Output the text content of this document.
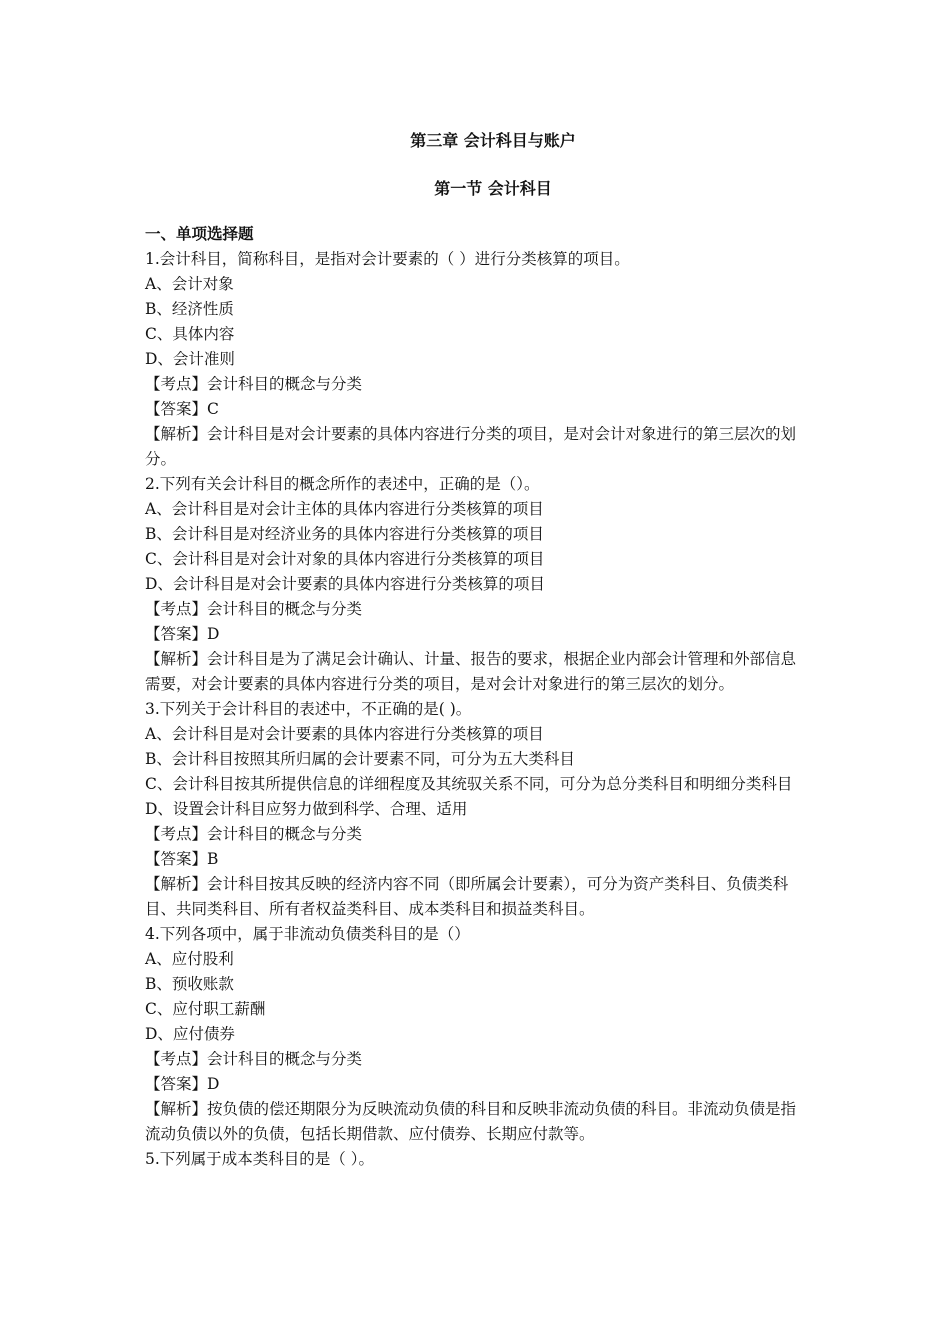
第三章 会计科目与账户
第一节 会计科目

一、单项选择题

1.会计科目，简称科目，是指对会计要素的（ ）进行分类核算的项目。

A、会计对象

B、经济性质

C、具体内容

D、会计准则

【考点】会计科目的概念与分类

【答案】C

【解析】会计科目是对会计要素的具体内容进行分类的项目，是对会计对象进行的第三层次的划分。

2.下列有关会计科目的概念所作的表述中，正确的是（）。

A、会计科目是对会计主体的具体内容进行分类核算的项目

B、会计科目是对经济业务的具体内容进行分类核算的项目

C、会计科目是对会计对象的具体内容进行分类核算的项目

D、会计科目是对会计要素的具体内容进行分类核算的项目

【考点】会计科目的概念与分类

【答案】D

【解析】会计科目是为了满足会计确认、计量、报告的要求，根据企业内部会计管理和外部信息需要，对会计要素的具体内容进行分类的项目，是对会计对象进行的第三层次的划分。

3.下列关于会计科目的表述中，不正确的是( )。

A、会计科目是对会计要素的具体内容进行分类核算的项目

B、会计科目按照其所归属的会计要素不同，可分为五大类科目

C、会计科目按其所提供信息的详细程度及其统驭关系不同，可分为总分类科目和明细分类科目

D、设置会计科目应努力做到科学、合理、适用

【考点】会计科目的概念与分类

【答案】B

【解析】会计科目按其反映的经济内容不同（即所属会计要素），可分为资产类科目、负债类科目、共同类科目、所有者权益类科目、成本类科目和损益类科目。

4.下列各项中，属于非流动负债类科目的是（）

A、应付股利

B、预收账款

C、应付职工薪酬

D、应付债券

【考点】会计科目的概念与分类

【答案】D

【解析】按负债的偿还期限分为反映流动负债的科目和反映非流动负债的科目。非流动负债是指流动负债以外的负债，包括长期借款、应付债券、长期应付款等。

5.下列属于成本类科目的是（ ）。
